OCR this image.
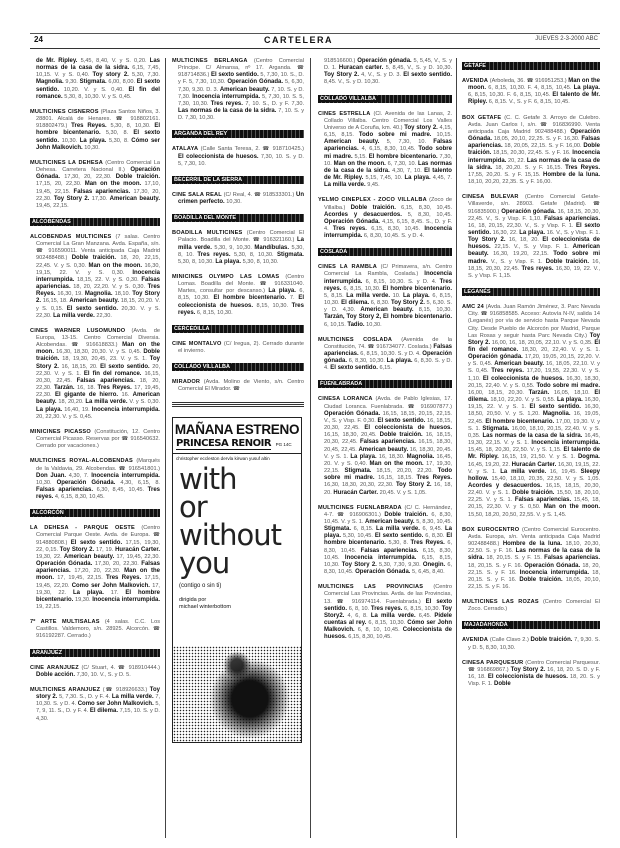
24	CARTELERA	JUEVES 2-3-2000 ABC
de Mr. Ripley. 5,45, 8,40, V. y S. 0,20. Las normas de la casa de la sidra. 6,15, 7,45, 10,15. V. y S. 0,40. Toy story 2. 5,30, 7,30. Magnolia. 9,30. Stigmata. 6,00, 8,00. El sexto sentido. 10,20. V. y S. 0,40. El fin del romance. 5,30, 8, 10,30. V. y S. 0,45.
MULTICINES CISNEROS (Plaza Santos Niños, 3. 28801. Alcalá de Henares. ☎ 918802161. 918802479.) Tres Reyes. 5,30, 8, 10,30. El hombre bicentenario. 5,30, 8. El sexto sentido. 10,30. La playa. 5,30, 8. Cómo ser John Malkovich. 10,30.
MULTICINES LA DEHESA (Centro Comercial La Dehesa. Carretera Nacional II.) Operación Gónada. 17,30, 20, 22,30. Doble traición. 17,15, 20, 22,30. Man on the moon. 17,10, 19,45, 22,15. Falsas apariencias. 17,30, 20, 22,30. Toy Story 2. 17,30. American beauty. 19,45, 22,15.
ALCOBENDAS
ALCOBENDAS MULTICINES (7 salas. Centro Comercial La Gran Manzana. Avda. España, s/n. ☎ 916590011. Venta anticipada Caja Madrid 902488488.) Doble traición. 18, 20, 22,15, 22,45. V. y S. 0,30. Man on the moon. 16,30, 19,15, 22. V. y S. 0,30. Inocencia interrumpida. 18,15, 22. V. y S. 0,30. Falsas apariencias. 18, 20, 22,20. V. y S. 0,30. Tres Reyes. 16,30, 19. Magnolia. 18,10. Toy Story 2. 16,15, 18. American beauty. 18,15, 20,20. V. y S. 0,15. El sexto sentido. 20,30. V. y S. 22,30. La milla verde. 22,30.
CINES WARNER LUSOMUNDO (Avda. de Europa, 13-15. Centro Comercial Diversia. Alcobendas. ☎ 916618833.) Man on the moon. 16,30, 18,30, 20,30. V. y S. 0,45. Doble traición. 18, 19,30, 20,45, 23. V. y S. 1. Toy Story 2. 16, 18,15, 20. El sexto sentido. 20, 22,30. V. y S. 1. El fin del romance. 16,15, 20,30, 22,45. Falsas apariencias. 18, 20, 22,30. Tarzán. 16, 18. Tres Reyes. 17, 19,45, 22,30. El gigante de hierro. 16. American beauty. 18, 20,20. La milla verde. V. y S. 0,30. La playa. 16,40, 19. Inocencia interrumpida. 20, 22,30. V. y S. 0,45.
MINICINES PICASSO (Constitución, 12. Centro Comercial Picasso. Reservas por ☎ 916540632. Cerrado por vacaciones.)
MULTICINES ROYAL-ALCOBENDAS (Marqués de la Valdavia, 29. Alcobendas. ☎ 916541801.) Don Juan. 4,30, 7. Inocencia interrumpida. 10,30. Operación Gónada. 4,30, 6,15, 8. Falsas apariencias. 6,30, 8,45, 10,45. Tres reyes. 4, 6,15, 8,30, 10,45.
ALCORCÓN
LA DEHESA - PARQUE OESTE (Centro Comercial Parque Oeste. Avda. de Europa. ☎ 914880808.) El sexto sentido. 17,15, 19,30, 22, 0,15. Toy Story 2. 17, 19. Huracán Carter. 19,30, 22. American beauty. 17, 19,45, 22,30. Operación Gónada. 17,30, 20, 22,30. Falsas apariencias. 17,20, 20, 22,30. Man on the moon. 17, 19,45, 22,15. Tres Reyes. 17,15, 19,45, 22,20. Como ser John Malkovich. 17, 19,30, 22. La playa. 17. El hombre bicentenario. 19,30. Inocencia interrumpida. 19, 22,15.
7º ARTE MULTISALAS (4 salas. C.C. Los Castillos. Valdemoro, s/n. 28925. Alcorcón. ☎ 916192287. Cerrado.)
ARANJUEZ
CINE ARANJUEZ (C/ Stuart, 4. ☎ 918910444.) Doble acción. 7,30, 10. V., S. y D. 5.
MULTICINES ARANJUEZ (☎ 918926633.) Toy story 2. 5, 7,30. S., D. y F. 4. La milla verde. 7, 10,30. S. y D. 4. Como ser John Malkovich. 5, 7, 9, 11. S., D. y F. 4. El dilema. 7,15, 10. S. y D. 4,30.
MULTICINES BERLANGA (Centro Comercial Príncipe. C/ Almansa, nº 17. Arganda. ☎ 918714836.) El sexto sentido. 5, 7,30, 10. S., D. y F. 5, 7,30, 10,30. Operación Gónada. 5, 6,30, 7,30, 9,30. D. 3. American beauty. 7, 10. S. y D. 7,30. Inocencia interrumpida. 5, 7,30, 10. S. 5, 7,30, 10,30. Tres reyes. 7, 10. S., D. y F. 7,30. Las normas de la casa de la sidra. 7, 10. S. y D. 7,30, 10,30.
ARGANDA DEL REY
ATALAYA (Calle Santa Teresa, 2. ☎ 918710425.) El coleccionista de huesos. 7,30, 10. S. y D. 5, 7,30, 10.
BECERRIL DE LA SIERRA
CINE SALA REAL (C/ Real, 4. ☎ 918533301.) Un crimen perfecto. 10,30.
BOADILLA DEL MONTE
BOADILLA MULTICINES (Centro Comercial El Palacio. Boadilla del Monte. ☎ 916321160.) La milla verde. 5,30, 9, 10,30. Mandíbulas. 5,30, 8, 10. Tres reyes. 5,30, 8, 10,30. Stigmata. 5,30, 8, 10,30. La playa. 5,30, 8, 10,30.
MINICINES OLYMPO LAS LOMAS (Centro Lomas. Boadilla del Monte. ☎ 916331040. Martes, consultar por descanso.) La playa. 6, 8,15, 10,30. El hombre bicentenario. 7. El coleccionista de huesos. 8,15, 10,30. Tres reyes. 6, 8,15, 10,30.
CERCEDILLA
CINE MONTALVO (C/ Iregua, 2). Cerrado durante el invierno.
COLLADO VILLALBA
MIRADOR (Avda. Molino de Viento, s/n. Centro Comercial El Mirador. ☎
MAÑANA ESTRENO
PRINCESA RENOIR PG 14C
christopher eccleston dervla kirwan yusuf altin
with
or
without
you
(contigo o sin ti)
dirigida por
michael winterbottom
918516600.) Operación gónada. 5, 5,45, V., S. y D. 1. Huracan carter. 5, 8,45, V., S. y D. 10,30. Toy Story 2. 4, V., S. y D. 3. El sexto sentido. 8,45. V., S. y D. 10,30.
COLLADO VILLALBA
CINES ESTRELLA (Cl. Avenida de las Lanas, 2. Collado Villalba. Centro Comercial Los Valles Universo de A Coruña, km. 40.) Toy story 2. 4,15, 6,15, 8,15. Todo sobre mi madre. 10,15. American beauty. 5, 7,30, 10. Falsas apariencias. 4, 6,15, 8,30, 10,45. Todo sobre mi madre. 5,15. El hombre bicentenario. 7,30, 10. Man on the moon. 6, 7,30, 10. Las normas de la casa de la sidra. 4,30, 7, 10. El talento de Mr. Ripley. 5,15, 7,45, 10. La playa. 4,45, 7. La milla verde. 9,45.
YELMO CINEPLEX - ZOCO VILLALBA (Zoco de Villalba.) Doble traición. 6,15, 8,30, 10,45. Acordes y desacuerdos. 5, 8,30, 10,45. Operación Gónada. 4,15, 6,15, 8,45. S., D. y F. 4. Tres reyes. 6,15, 8,30, 10,45. Inocencia interrumpida. 6, 8,30, 10,45. S. y D. 4.
COSLADA
CINES LA RAMBLA (C/ Primavera, s/n. Centro Comercial La Rambla, Coslada.) Inocencia interrumpida. 6, 8,15, 10,30. S. y D. 4. Tres reyes. 6, 8,15, 10,30. El hombre bicentenario. 5, 8,15. La milla verde. 10. La playa. 6, 8,15, 10,30. El dilema. 6, 8,30. Toy Story 2. 5, 6,30. S. y D. 4,30. American beauty. 8,15, 10,30. Tarzán, Toy Story 2, El hombre bicentenario. 6, 10,15. Tadio. 10,30.
MULTICINES COSLADA (Avenida de la Constitución, 74. ☎ 916734077. Coslada.) Falsas apariencias. 6, 8,15, 10,30. S. y D. 4. Operación gónada. 6, 8,30, 10,30. La playa. 6, 8,30. S. y D. 4. El sexto sentido. 6,15.
FUENLABRADA
CINESA LORANCA (Avda. de Pablo Iglesias, 17. Ciudad Loranca. Fuenlabrada. ☎ 916907877.) Operación Gónada. 16,15, 18,15, 20,15, 22,15. V., S. y Visp. F. 0,30. El sexto sentido. 16, 18,15, 20,30, 22,45. El coleccionista de huesos. 16,15, 18,30, 20,45. Doble traición. 16, 18,15, 20,30, 22,45. Falsas apariencias. 16,15, 18,30, 20,45, 22,45. American beauty. 16, 18,30, 20,45. V. y S. 1. La playa. 16, 18,30. Magnolia. 16,45, 20. V. y S. 0,40. Man on the moon. 17, 19,30, 22,15. Stigmata. 18,15, 20,20, 22,20. Todo sobre mi madre. 16,15, 18,15. Tres Reyes. 16,30, 18,30, 20,30, 22,30. Toy Story 2. 16, 18, 20. Huracán Carter. 20,45. V. y S. 1,05.
MULTICINES FUENLABRADA (C/ C. Hernández, 4-7. ☎ 916906301.) Doble traición. 6, 8,30, 10,45. V. y S. 1. American beauty. 5, 8,30, 10,45. Stigmata. 6, 8,15. La milla verde. 6, 9,45. La playa. 5,30, 10,45. El sexto sentido. 6, 8,30. El hombre bicentenario. 5,30, 8. Tres Reyes. 6, 8,30, 10,45. Falsas apariencias. 6,15, 8,30, 10,45. Inocencia interrumpida. 6,15, 8,15, 10,30. Toy Story 2. 5,30, 7,30, 9,30. Onegin. 6, 8,30, 10,45. Operación Gónada. 5, 6,45, 8,40.
MULTICINES LAS PROVINCIAS (Centro Comercial Las Provincias. Avda. de las Provincias, 13. ☎ 916974114. Fuenlabrada.) El sexto sentido. 6, 8, 10. Tres reyes. 6, 8,15, 10,30. Toy Story2. 4, 6, 8. La milla verde. 6,45. Pídele cuentas al rey. 6, 8,15, 10,30. Cómo ser John Malkovich. 6, 8, 10, 10,45. Coleccionista de huesos. 6,15, 8,30, 10,45.
GETAFE
AVENIDA (Arboleda, 36. ☎ 916951253.) Man on the moon. 6, 8,15, 10,30. F. 4, 8,15, 10,45. La playa. 6, 8,15, 10,30. F. 6, 8,15, 10,45. El talento de Mr. Ripley. 6, 8,15. V., S. y F. 6, 8,15, 10,45.
BOX GETAFE (C. C. Getafe 3. Arroyo de Culebro. Avda. Juan Carlos I, s/n. ☎ 916836990. Venta anticipada Caja Madrid 902488488.) Operación Gónada. 18,05, 20,10, 22,25. S. y F. 16,30. Falsas apariencias. 18, 20,05, 22,15. S. y F. 16,00. Doble traición. 18,15, 20,30, 22,45. S. y F. 16. Inocencia interrumpida. 20, 22. Las normas de la casa de la sidra. 18, 20,20. S. y F. 16,15. Tres Reyes. 17,55, 20,20. S. y F. 15,15. Hombre de la luna. 18,10, 20,20, 22,35. S. y F. 16,00.
CINESA BULEVAR (Centro Comercial Getafe-Villaverde, s/n. 28903. Getafe (Madrid). ☎ 916835900.) Operación gónada. 16, 18,15, 20,30, 22,45. V., S. y Visp. F. 1,10. Falsas apariencias. 16, 18, 20,15, 22,30. V., S. y Visp. F. 1. El sexto sentido. 16,30, 22. La playa. 16. V., S. y Visp. F. 1. Toy Story 2. 16, 18, 20. El coleccionista de huesos. 22,15. V., S. y Visp. F. 1. American beauty. 16,30, 19,20, 22,15. Todo sobre mi madre. V., S. y Visp. F. 1. Doble traición. 16, 18,15, 20,30, 22,45. Tres reyes. 16,30, 19, 22. V., S. y Visp. F. 1,15.
LEGANÉS
AMC 24 (Avda. Juan Ramón Jiménez, 3. Parc Nevada City. ☎ 916858585. Acceso: Autovía N-IV, salida 14 (Leganés) por vía de servicio hasta Parque Nevada City. Desde Pueblo de Alcorcón por Madrid, Parque Las Rosas y seguir hasta Parc Nevada City.) Toy Story 2. 16,00, 16, 18, 20,05, 22,10. V. y S. 0,35. El fin del romance. 18,30, 20, 22,40. V. y S. 1. Operación gónada. 17,20, 19,05, 20,15, 22,20. V. y S. 0,45. American beauty. 16, 18,05, 22,10. V. y S. 0,45. Tres reyes. 17,20, 19,55, 22,30. V. y S. 1,10. El coleccionista de huesos. 16,30, 18,30, 20,15, 22,40. V. y S. 0,55. Todo sobre mi madre. 16,00, 18,15, 20,30. Tarzán. 16,05, 18,10. El dilema. 18,10, 22,20. V. y S. 0,55. La playa. 16,30, 19,15, 22. V. y S. 1. El sexto sentido. 16,30, 18,50, 20,50. V. y S. 1,20. Magnolia. 16, 19,05, 22,45. El hombre bicentenario. 17,00, 19,30. V. y S. 1. Stigmata. 16,00, 18,10, 20,15, 22,40. V. y S. 0,35. Las normas de la casa de la sidra. 16,45, 19,30, 22,15. V. y S. 1. Inocencia interrumpida. 15,45, 18, 20,30, 22,50. V. y S. 1,15. El talento de Mr. Ripley. 16,15, 19, 21,50. V. y S. 1. Dogma. 16,45, 19,20, 22. Huracán Carter. 16,30, 19,15, 22. V. y S. 1. La milla verde. 16, 19,45. Sleepy hollow. 15,40, 18,10, 20,35, 22,50. V. y S. 1,05. Acordes y desacuerdos. 16,15, 18,15, 20,30, 22,40. V. y S. 1. Doble traición. 15,50, 18, 20,10, 22,25. V. y S. 1. Falsas apariencias. 15,45, 18, 20,15, 22,30. V. y S. 0,50. Man on the moon. 15,50, 18,20, 20,50, 22,55. V. y S. 1,45.
BOX EUROCENTRO (Centro Comercial Eurocentro. Avda. Europa, s/n. Venta anticipada Caja Madrid 902488488.) Hombre de la luna. 18,10, 20,30, 22,50. S. y F. 16. Las normas de la casa de la sidra. 18, 20,15. S. y F. 15. Falsas apariencias. 18, 20,15. S. y F. 16. Operación Gónada. 18, 20, 22,15. S. y F. 16. Inocencia interrumpida. 18, 20,15. S. y F. 16. Doble traición. 18,05, 20,10, 22,15. S. y F. 16.
MULTICINES LAS ROZAS (Centro Comercial El Zoco. Cerrado.)
MAJADAHONDA
AVENIDA (Calle Clavo 2.) Doble traición. 7, 9,30. S. y D. 5, 8,30, 10,30.
CINESA PARQUESUR (Centro Comercial Parquesur. ☎ 916869867.) Toy Story 2. 16, 18, 20. S. D. y F. 16, 18. El coleccionista de huesos. 18, 20. S. y Visp. F. 1. Doble
